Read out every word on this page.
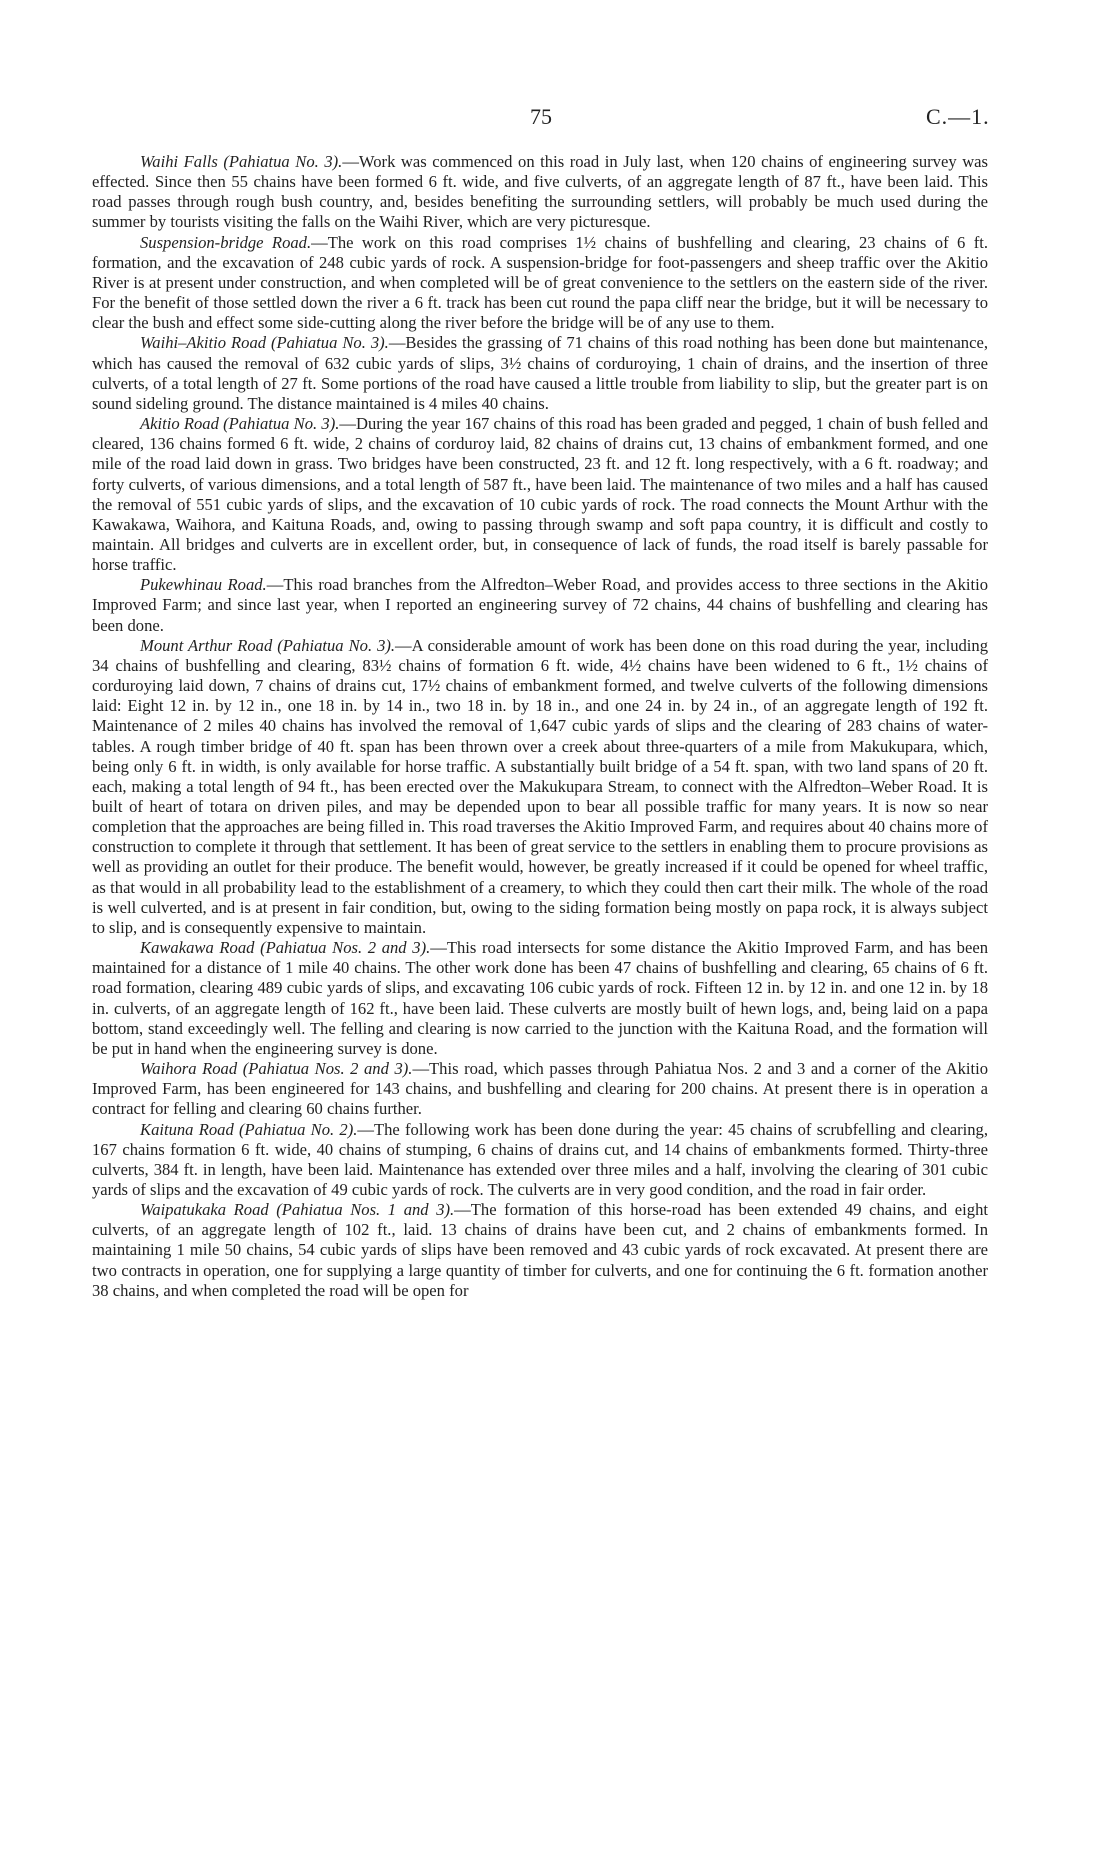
75	C.—1.

Waihi Falls (Pahiatua No. 3).—Work was commenced on this road in July last, when 120 chains of engineering survey was effected. Since then 55 chains have been formed 6 ft. wide, and five culverts, of an aggregate length of 87 ft., have been laid. This road passes through rough bush country, and, besides benefiting the surrounding settlers, will probably be much used during the summer by tourists visiting the falls on the Waihi River, which are very picturesque.

Suspension-bridge Road.—The work on this road comprises 1½ chains of bushfelling and clearing, 23 chains of 6 ft. formation, and the excavation of 248 cubic yards of rock. A suspension-bridge for foot-passengers and sheep traffic over the Akitio River is at present under construction, and when completed will be of great convenience to the settlers on the eastern side of the river. For the benefit of those settled down the river a 6 ft. track has been cut round the papa cliff near the bridge, but it will be necessary to clear the bush and effect some side-cutting along the river before the bridge will be of any use to them.

Waihi–Akitio Road (Pahiatua No. 3).—Besides the grassing of 71 chains of this road nothing has been done but maintenance, which has caused the removal of 632 cubic yards of slips, 3½ chains of corduroying, 1 chain of drains, and the insertion of three culverts, of a total length of 27 ft. Some portions of the road have caused a little trouble from liability to slip, but the greater part is on sound sideling ground. The distance maintained is 4 miles 40 chains.

Akitio Road (Pahiatua No. 3).—During the year 167 chains of this road has been graded and pegged, 1 chain of bush felled and cleared, 136 chains formed 6 ft. wide, 2 chains of corduroy laid, 82 chains of drains cut, 13 chains of embankment formed, and one mile of the road laid down in grass. Two bridges have been constructed, 23 ft. and 12 ft. long respectively, with a 6 ft. roadway; and forty culverts, of various dimensions, and a total length of 587 ft., have been laid. The maintenance of two miles and a half has caused the removal of 551 cubic yards of slips, and the excavation of 10 cubic yards of rock. The road connects the Mount Arthur with the Kawakawa, Waihora, and Kaituna Roads, and, owing to passing through swamp and soft papa country, it is difficult and costly to maintain. All bridges and culverts are in excellent order, but, in consequence of lack of funds, the road itself is barely passable for horse traffic.

Pukewhinau Road.—This road branches from the Alfredton–Weber Road, and provides access to three sections in the Akitio Improved Farm; and since last year, when I reported an engineering survey of 72 chains, 44 chains of bushfelling and clearing has been done.

Mount Arthur Road (Pahiatua No. 3).—A considerable amount of work has been done on this road during the year, including 34 chains of bushfelling and clearing, 83½ chains of formation 6 ft. wide, 4½ chains have been widened to 6 ft., 1½ chains of corduroying laid down, 7 chains of drains cut, 17½ chains of embankment formed, and twelve culverts of the following dimensions laid: Eight 12 in. by 12 in., one 18 in. by 14 in., two 18 in. by 18 in., and one 24 in. by 24 in., of an aggregate length of 192 ft. Maintenance of 2 miles 40 chains has involved the removal of 1,647 cubic yards of slips and the clearing of 283 chains of water-tables. A rough timber bridge of 40 ft. span has been thrown over a creek about three-quarters of a mile from Makukupara, which, being only 6 ft. in width, is only available for horse traffic. A substantially built bridge of a 54 ft. span, with two land spans of 20 ft. each, making a total length of 94 ft., has been erected over the Makukupara Stream, to connect with the Alfredton–Weber Road. It is built of heart of totara on driven piles, and may be depended upon to bear all possible traffic for many years. It is now so near completion that the approaches are being filled in. This road traverses the Akitio Improved Farm, and requires about 40 chains more of construction to complete it through that settlement. It has been of great service to the settlers in enabling them to procure provisions as well as providing an outlet for their produce. The benefit would, however, be greatly increased if it could be opened for wheel traffic, as that would in all probability lead to the establishment of a creamery, to which they could then cart their milk. The whole of the road is well culverted, and is at present in fair condition, but, owing to the siding formation being mostly on papa rock, it is always subject to slip, and is consequently expensive to maintain.

Kawakawa Road (Pahiatua Nos. 2 and 3).—This road intersects for some distance the Akitio Improved Farm, and has been maintained for a distance of 1 mile 40 chains. The other work done has been 47 chains of bushfelling and clearing, 65 chains of 6 ft. road formation, clearing 489 cubic yards of slips, and excavating 106 cubic yards of rock. Fifteen 12 in. by 12 in. and one 12 in. by 18 in. culverts, of an aggregate length of 162 ft., have been laid. These culverts are mostly built of hewn logs, and, being laid on a papa bottom, stand exceedingly well. The felling and clearing is now carried to the junction with the Kaituna Road, and the formation will be put in hand when the engineering survey is done.

Waihora Road (Pahiatua Nos. 2 and 3).—This road, which passes through Pahiatua Nos. 2 and 3 and a corner of the Akitio Improved Farm, has been engineered for 143 chains, and bushfelling and clearing for 200 chains. At present there is in operation a contract for felling and clearing 60 chains further.

Kaituna Road (Pahiatua No. 2).—The following work has been done during the year: 45 chains of scrubfelling and clearing, 167 chains formation 6 ft. wide, 40 chains of stumping, 6 chains of drains cut, and 14 chains of embankments formed. Thirty-three culverts, 384 ft. in length, have been laid. Maintenance has extended over three miles and a half, involving the clearing of 301 cubic yards of slips and the excavation of 49 cubic yards of rock. The culverts are in very good condition, and the road in fair order.

Waipatukaka Road (Pahiatua Nos. 1 and 3).—The formation of this horse-road has been extended 49 chains, and eight culverts, of an aggregate length of 102 ft., laid. 13 chains of drains have been cut, and 2 chains of embankments formed. In maintaining 1 mile 50 chains, 54 cubic yards of slips have been removed and 43 cubic yards of rock excavated. At present there are two contracts in operation, one for supplying a large quantity of timber for culverts, and one for continuing the 6 ft. formation another 38 chains, and when completed the road will be open for
